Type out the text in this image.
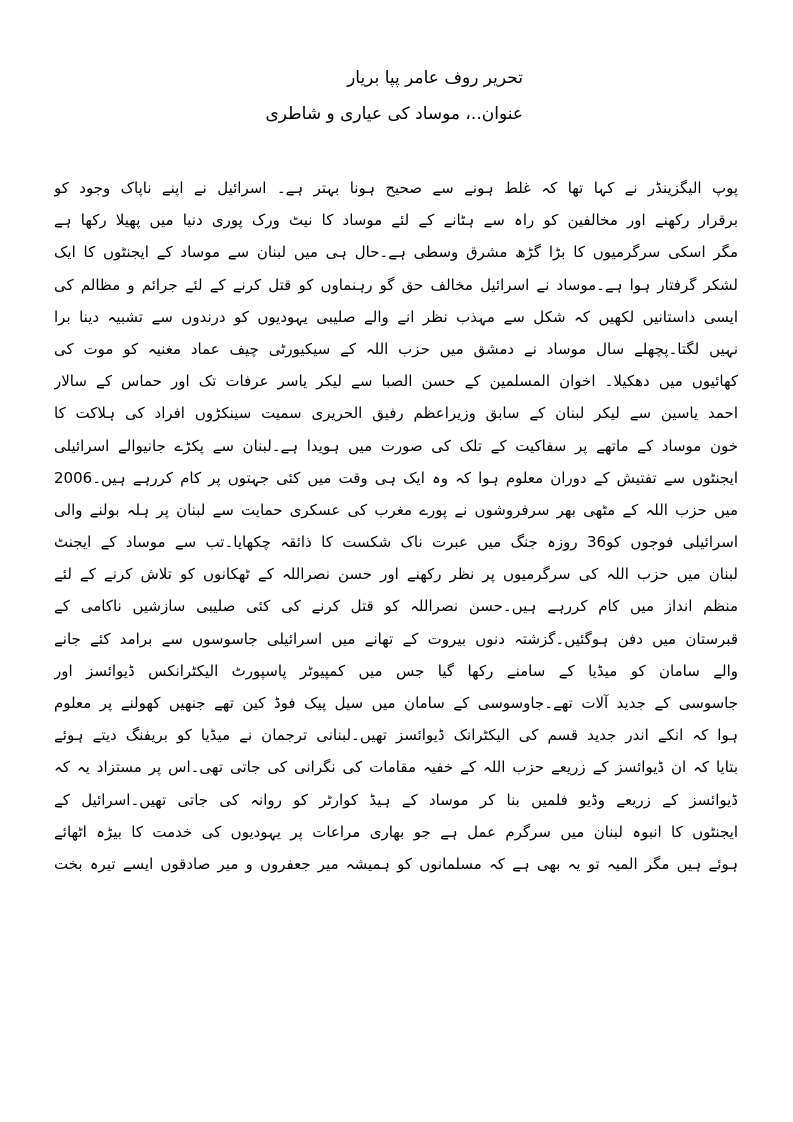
تحریر روف عامر پپا بریار
عنوان..، موساد کی عیاری و شاطری
پوپ الیگزینڈر نے کہا تھا کہ غلط ہونے سے صحیح ہونا بہتر ہے۔ اسرائیل نے اپنے ناپاک وجود کو
برقرار رکھنے اور مخالفین کو راہ سے ہٹانے کے لئے موساد کا نیٹ ورک پوری دنیا میں پھیلا رکھا ہے
مگر اسکی سرگرمیوں کا بڑا گڑھ مشرق وسطی ہے۔حال ہی میں لبنان سے موساد کے ایجنٹوں کا ایک
لشکر گرفتار ہوا ہے۔موساد نے اسرائیل مخالف حق گو رہنماوں کو قتل کرنے کے لئے جرائم و مظالم کی
ایسی داستانیں لکھیں کہ شکل سے مہذب نظر انے والے صلیبی یہودیوں کو درندوں سے تشبیہ دینا برا
نہیں لگتا۔پچھلے سال موساد نے دمشق میں حزب اللہ کے سیکیورٹی چیف عماد مغنیہ کو موت کی
کھائیوں میں دھکیلا۔ اخوان المسلمین کے حسن الصبا سے لیکر یاسر عرفات تک اور حماس کے سالار
احمد یاسین سے لیکر لبنان کے سابق وزیراعظم رفیق الحریری سمیت سینکڑوں افراد کی ہلاکت کا
خون موساد کے ماتھے پر سفاکیت کے تلک کی صورت میں ہویدا ہے۔لبنان سے پکڑے جانیوالے اسرائیلی
ایجنٹوں سے تفتیش کے دوران معلوم ہوا کہ وہ ایک ہی وقت میں کئی جہتوں پر کام کررہے ہیں۔2006
میں حزب اللہ کے مٹھی بھر سرفروشوں نے پورے مغرب کی عسکری حمایت سے لبنان پر ہلہ بولنے والی
اسرائیلی فوجوں کو36 روزہ جنگ میں عبرت ناک شکست کا ذائقہ چکھایا۔تب سے موساد کے ایجنٹ
لبنان میں حزب اللہ کی سرگرمیوں پر نظر رکھنے اور حسن نصراللہ کے ٹھکانوں کو تلاش کرنے کے لئے
منظم انداز میں کام کررہے ہیں۔حسن نصراللہ کو قتل کرنے کی کئی صلیبی سازشیں ناکامی کے
قبرستان میں دفن ہوگئیں۔گزشتہ دنوں بیروت کے تھانے میں اسرائیلی جاسوسوں سے برامد کئے جانے
والے سامان کو میڈیا کے سامنے رکھا گیا جس میں کمپیوٹر پاسپورٹ الیکٹرانکس ڈیوائسز اور
جاسوسی کے جدید آلات تھے۔جاوسوسی کے سامان میں سیل پیک فوڈ کین تھے جنھیں کھولنے پر معلوم
ہوا کہ انکے اندر جدید قسم کی الیکٹرانک ڈیوائسز تھیں۔لبنانی ترجمان نے میڈیا کو بریفنگ دیتے ہوئے
بتایا کہ ان ڈیوائسز کے زریعے حزب اللہ کے خفیہ مقامات کی نگرانی کی جاتی تھی۔اس پر مستزاد یہ کہ
ڈیوائسز کے زریعے وڈیو فلمیں بنا کر موساد کے ہیڈ کوارٹر کو روانہ کی جاتی تھیں۔اسرائیل کے
ایجنٹوں کا انبوہ لبنان میں سرگرم عمل ہے جو بھاری مراعات پر یہودیوں کی خدمت کا بیڑہ اٹھائے
ہوئے ہیں مگر المیہ تو یہ بھی ہے کہ مسلمانوں کو ہمیشہ میر جعفروں و میر صادقوں ایسے تیرہ بخت
